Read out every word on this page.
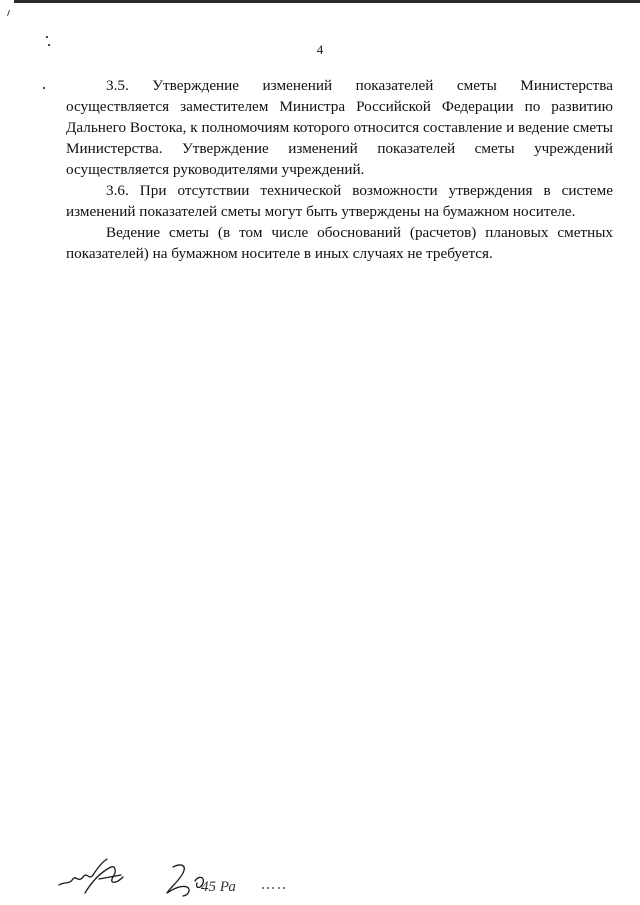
4

3.5. Утверждение изменений показателей сметы Министерства осуществляется заместителем Министра Российской Федерации по развитию Дальнего Востока, к полномочиям которого относится составление и ведение сметы Министерства. Утверждение изменений показателей сметы учреждений осуществляется руководителями учреждений.

3.6. При отсутствии технической возможности утверждения в системе изменений показателей сметы могут быть утверждены на бумажном носителе.

Ведение сметы (в том числе обоснований (расчетов) плановых сметных показателей) на бумажном носителе в иных случаях не требуется.

45 Ра
